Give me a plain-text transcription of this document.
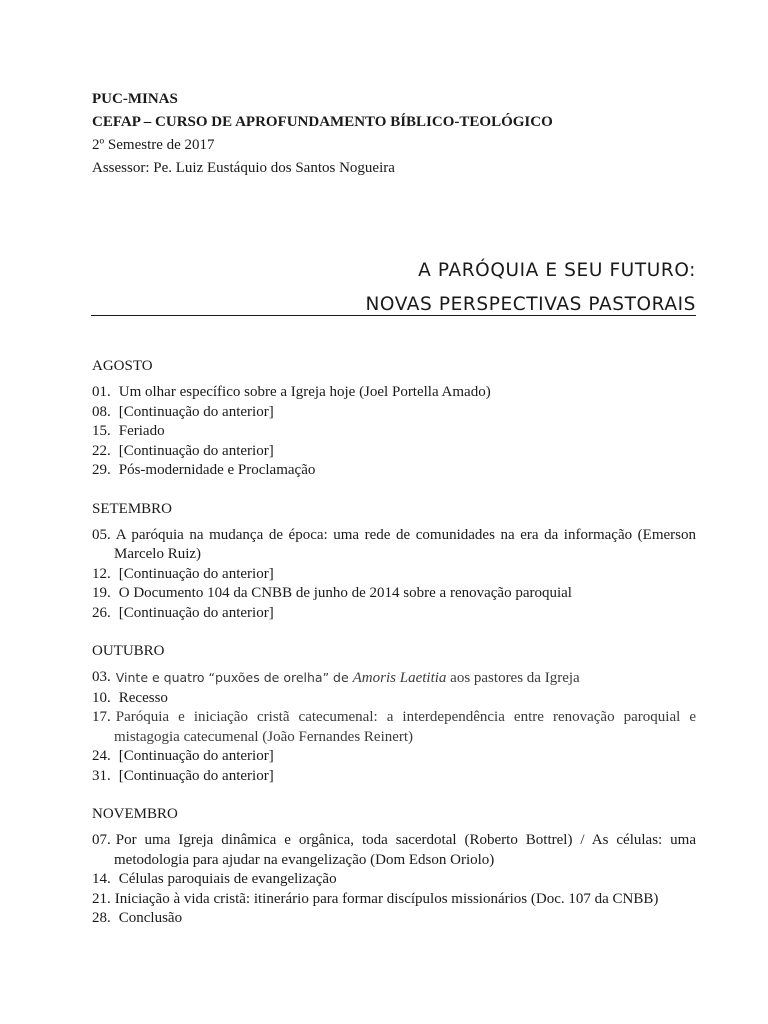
PUC-MINAS
CEFAP – CURSO DE APROFUNDAMENTO BÍBLICO-TEOLÓGICO
2º Semestre de 2017
Assessor: Pe. Luiz Eustáquio dos Santos Nogueira
A PARÓQUIA E SEU FUTURO:
NOVAS PERSPECTIVAS PASTORAIS
AGOSTO
01. Um olhar específico sobre a Igreja hoje (Joel Portella Amado)
08. [Continuação do anterior]
15. Feriado
22. [Continuação do anterior]
29. Pós-modernidade e Proclamação
SETEMBRO
05. A paróquia na mudança de época: uma rede de comunidades na era da informação (Emerson Marcelo Ruiz)
12. [Continuação do anterior]
19. O Documento 104 da CNBB de junho de 2014 sobre a renovação paroquial
26. [Continuação do anterior]
OUTUBRO
03. Vinte e quatro “puxões de orelha” de Amoris Laetitia aos pastores da Igreja
10. Recesso
17. Paróquia e iniciação cristã catecumenal: a interdependência entre renovação paroquial e mistagogia catecumenal (João Fernandes Reinert)
24. [Continuação do anterior]
31. [Continuação do anterior]
NOVEMBRO
07. Por uma Igreja dinâmica e orgânica, toda sacerdotal (Roberto Bottrel) / As células: uma metodologia para ajudar na evangelização (Dom Edson Oriolo)
14. Células paroquiais de evangelização
21. Iniciação à vida cristã: itinerário para formar discípulos missionários (Doc. 107 da CNBB)
28. Conclusão
